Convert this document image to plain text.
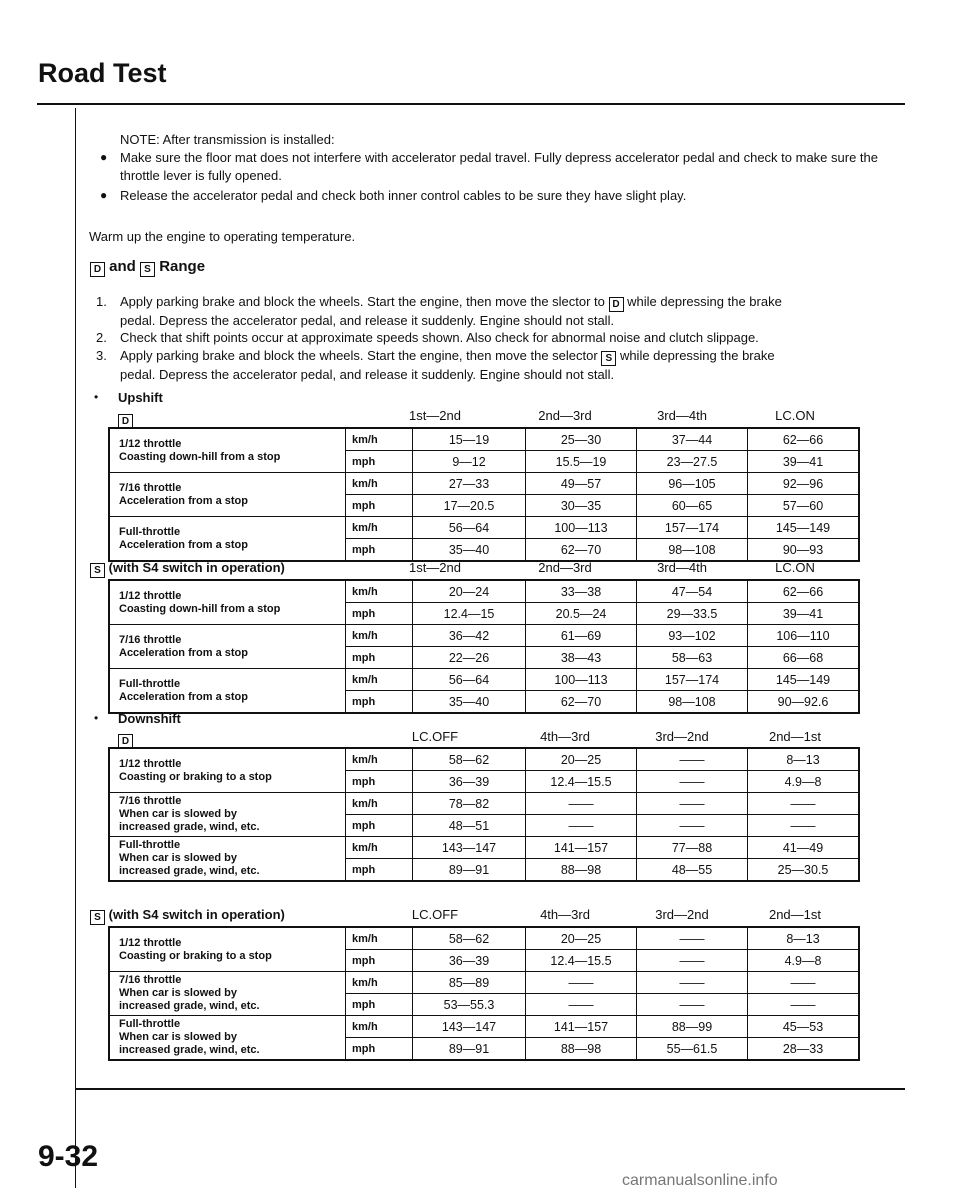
Road Test
NOTE: After transmission is installed:
● Make sure the floor mat does not interfere with accelerator pedal travel. Fully depress accelerator pedal and check to make sure the throttle lever is fully opened.
● Release the accelerator pedal and check both inner control cables to be sure they have slight play.
Warm up the engine to operating temperature.
D and S Range
1. Apply parking brake and block the wheels. Start the engine, then move the slector to D while depressing the brake
pedal. Depress the accelerator pedal, and release it suddenly. Engine should not stall.
2. Check that shift points occur at approximate speeds shown. Also check for abnormal noise and clutch slippage.
3. Apply parking brake and block the wheels. Start the engine, then move the selector S while depressing the brake
pedal. Depress the accelerator pedal, and release it suddenly. Engine should not stall.
• Upshift
D	1st—2nd	2nd—3rd	3rd—4th	LC.ON
1/12 throttle
Coasting down-hill from a stop	km/h	15—19	25—30	37—44	62—66
	mph	9—12	15.5—19	23—27.5	39—41
7/16 throttle
Acceleration from a stop	km/h	27—33	49—57	96—105	92—96
	mph	17—20.5	30—35	60—65	57—60
Full-throttle
Acceleration from a stop	km/h	56—64	100—113	157—174	145—149
	mph	35—40	62—70	98—108	90—93
S (with S4 switch in operation)	1st—2nd	2nd—3rd	3rd—4th	LC.ON
1/12 throttle
Coasting down-hill from a stop	km/h	20—24	33—38	47—54	62—66
	mph	12.4—15	20.5—24	29—33.5	39—41
7/16 throttle
Acceleration from a stop	km/h	36—42	61—69	93—102	106—110
	mph	22—26	38—43	58—63	66—68
Full-throttle
Acceleration from a stop	km/h	56—64	100—113	157—174	145—149
	mph	35—40	62—70	98—108	90—92.6
• Downshift
D	LC.OFF	4th—3rd	3rd—2nd	2nd—1st
1/12 throttle
Coasting or braking to a stop	km/h	58—62	20—25	——	8—13
	mph	36—39	12.4—15.5	——	4.9—8
7/16 throttle
When car is slowed by
increased grade, wind, etc.	km/h	78—82	——	——	——
	mph	48—51	——	——	——
Full-throttle
When car is slowed by
increased grade, wind, etc.	km/h	143—147	141—157	77—88	41—49
	mph	89—91	88—98	48—55	25—30.5
S (with S4 switch in operation)	LC.OFF	4th—3rd	3rd—2nd	2nd—1st
1/12 throttle
Coasting or braking to a stop	km/h	58—62	20—25	——	8—13
	mph	36—39	12.4—15.5	——	4.9—8
7/16 throttle
When car is slowed by
increased grade, wind, etc.	km/h	85—89	——	——	——
	mph	53—55.3	——	——	——
Full-throttle
When car is slowed by
increased grade, wind, etc.	km/h	143—147	141—157	88—99	45—53
	mph	89—91	88—98	55—61.5	28—33
9-32
carmanualsonline.info
